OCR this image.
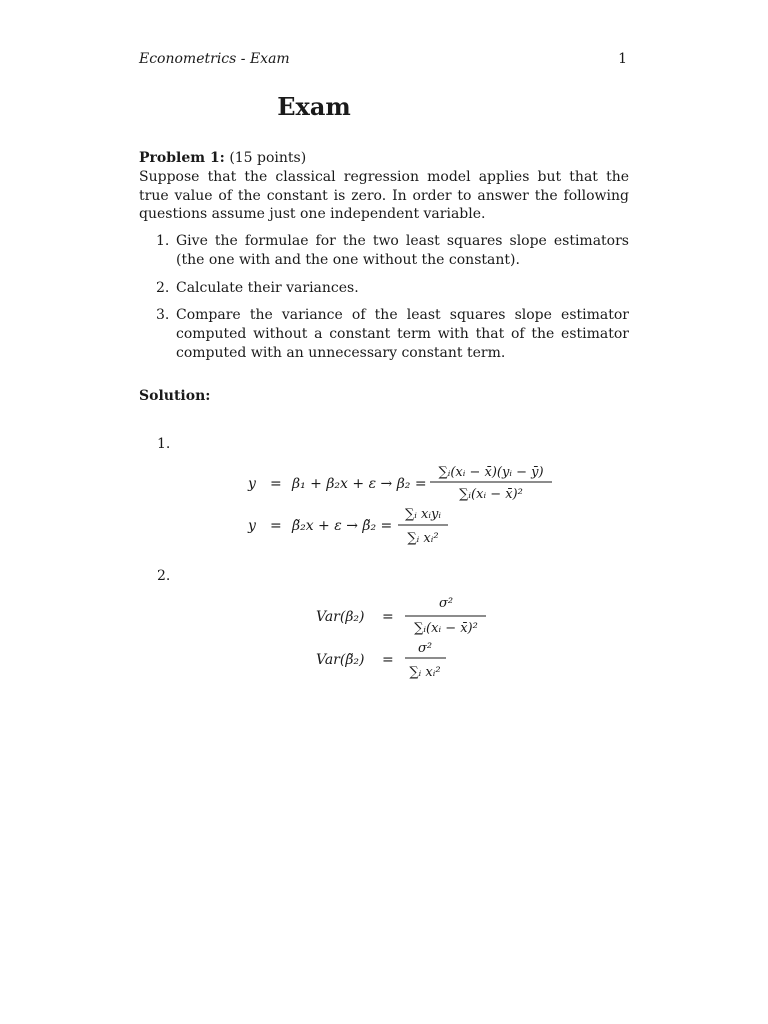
Econometrics - Exam	1
Exam
Problem 1: (15 points)
Suppose that the classical regression model applies but that the true value of the constant is zero. In order to answer the following questions assume just one independent variable.
1. Give the formulae for the two least squares slope estimators (the one with and the one without the constant).
2. Calculate their variances.
3. Compare the variance of the least squares slope estimator computed without a constant term with that of the estimator computed with an unnecessary constant term.
Solution:
1.
y = β₁ + β₂x + ε → β₂ =
∑ᵢ(xᵢ − x̄)(yᵢ − ȳ)
∑ᵢ(xᵢ − x̄)²
y = β̃₂x + ε → β̃₂ =
∑ᵢ xᵢyᵢ
∑ᵢ xᵢ²
Var(β₂) =
σ²
∑ᵢ(xᵢ − x̄)²
Var(β̃₂) =
σ²
∑ᵢ xᵢ²
2.
